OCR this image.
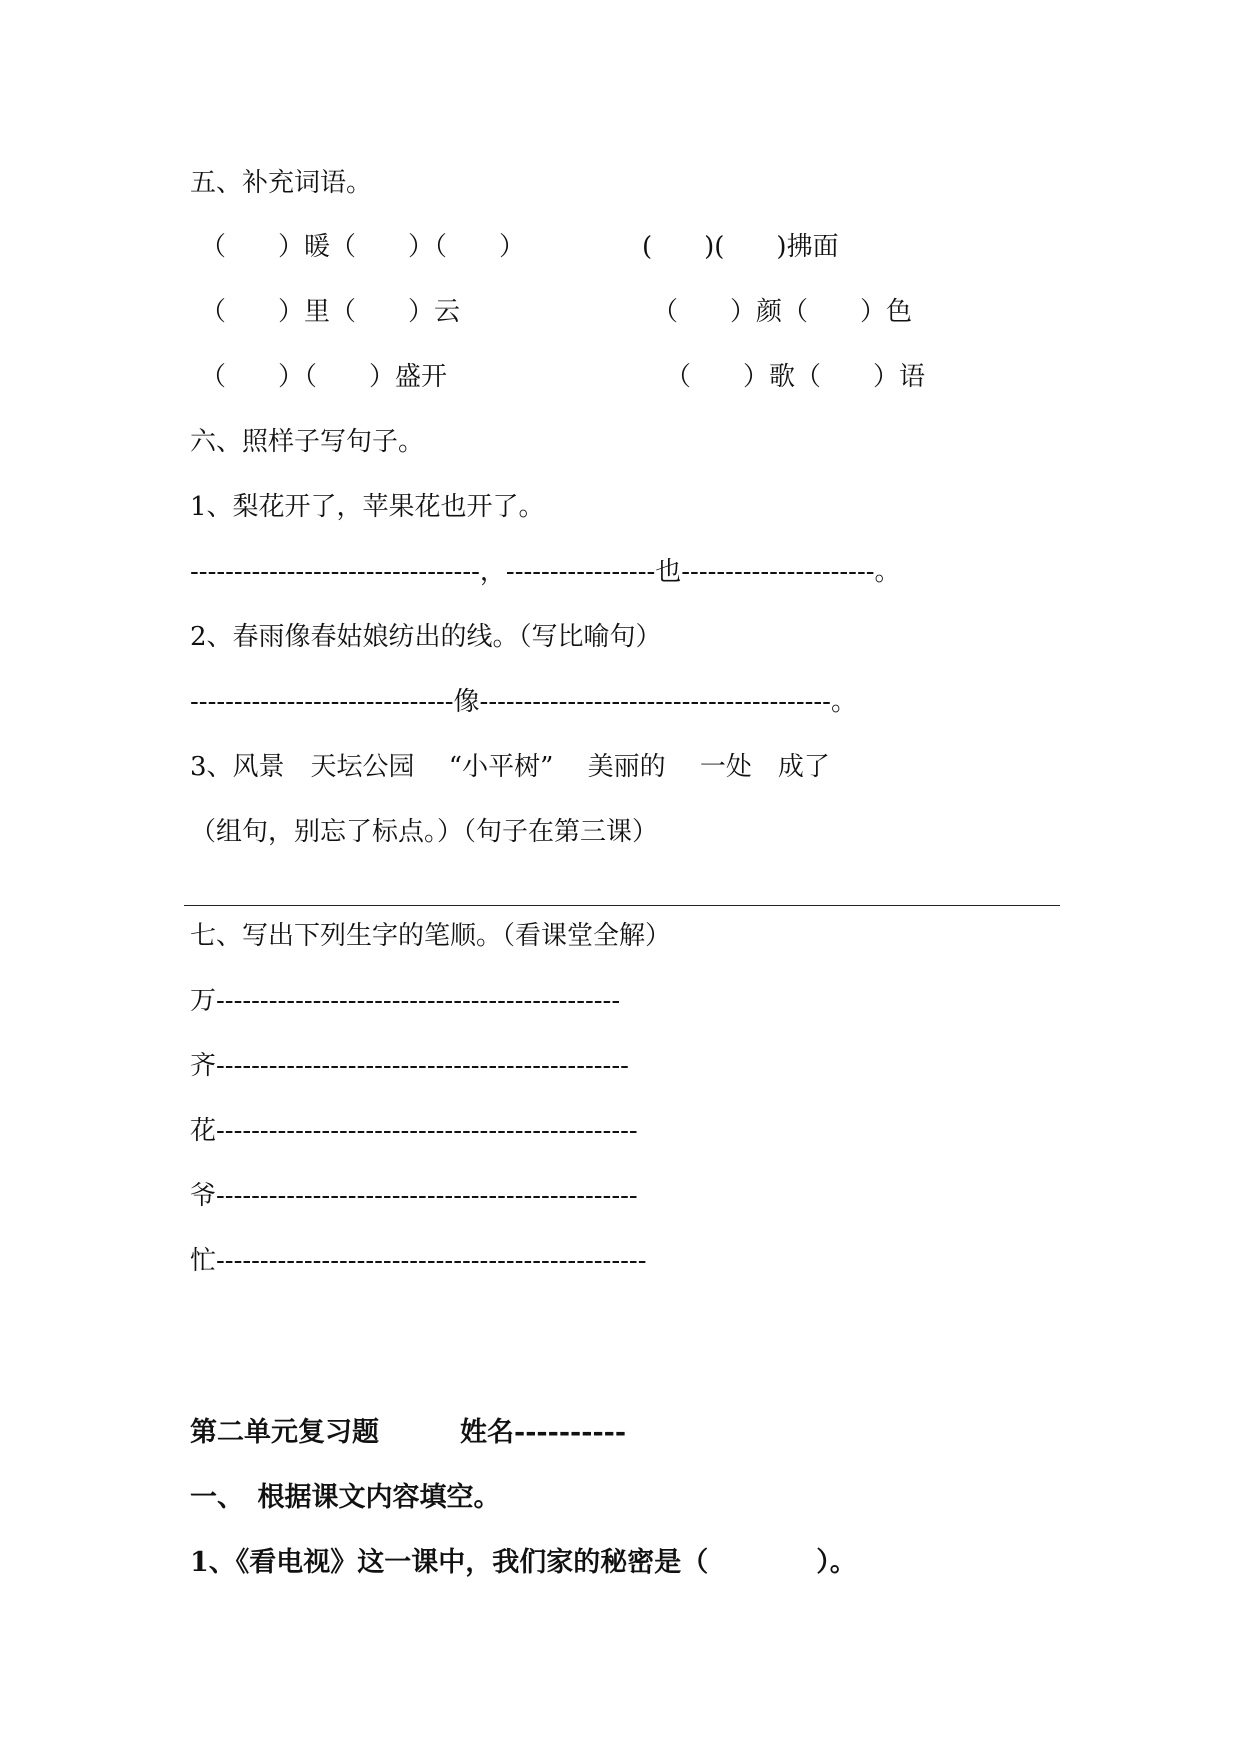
五、补充词语。

（　　）暖（　　）（　　）	(　　)(　　)拂面
（　　）里（　　）云	（　　）颜（　　）色
（　　）（　　）盛开	（　　）歌（　　）语

六、照样子写句子。

1、梨花开了，苹果花也开了。

---------------------------------，-----------------也----------------------。

2、春雨像春姑娘纺出的线。（写比喻句）

------------------------------像----------------------------------------。

3、风景　天坛公园　 “小平树”　 美丽的　 一处　成了

（组句，别忘了标点。）（句子在第三课）

七、写出下列生字的笔顺。（看课堂全解）

万----------------------------------------------

齐-----------------------------------------------

花------------------------------------------------

爷------------------------------------------------

忙-------------------------------------------------

第二单元复习题　　　姓名----------

一、　根据课文内容填空。

1、《看电视》这一课中，我们家的秘密是（　　　　）。
